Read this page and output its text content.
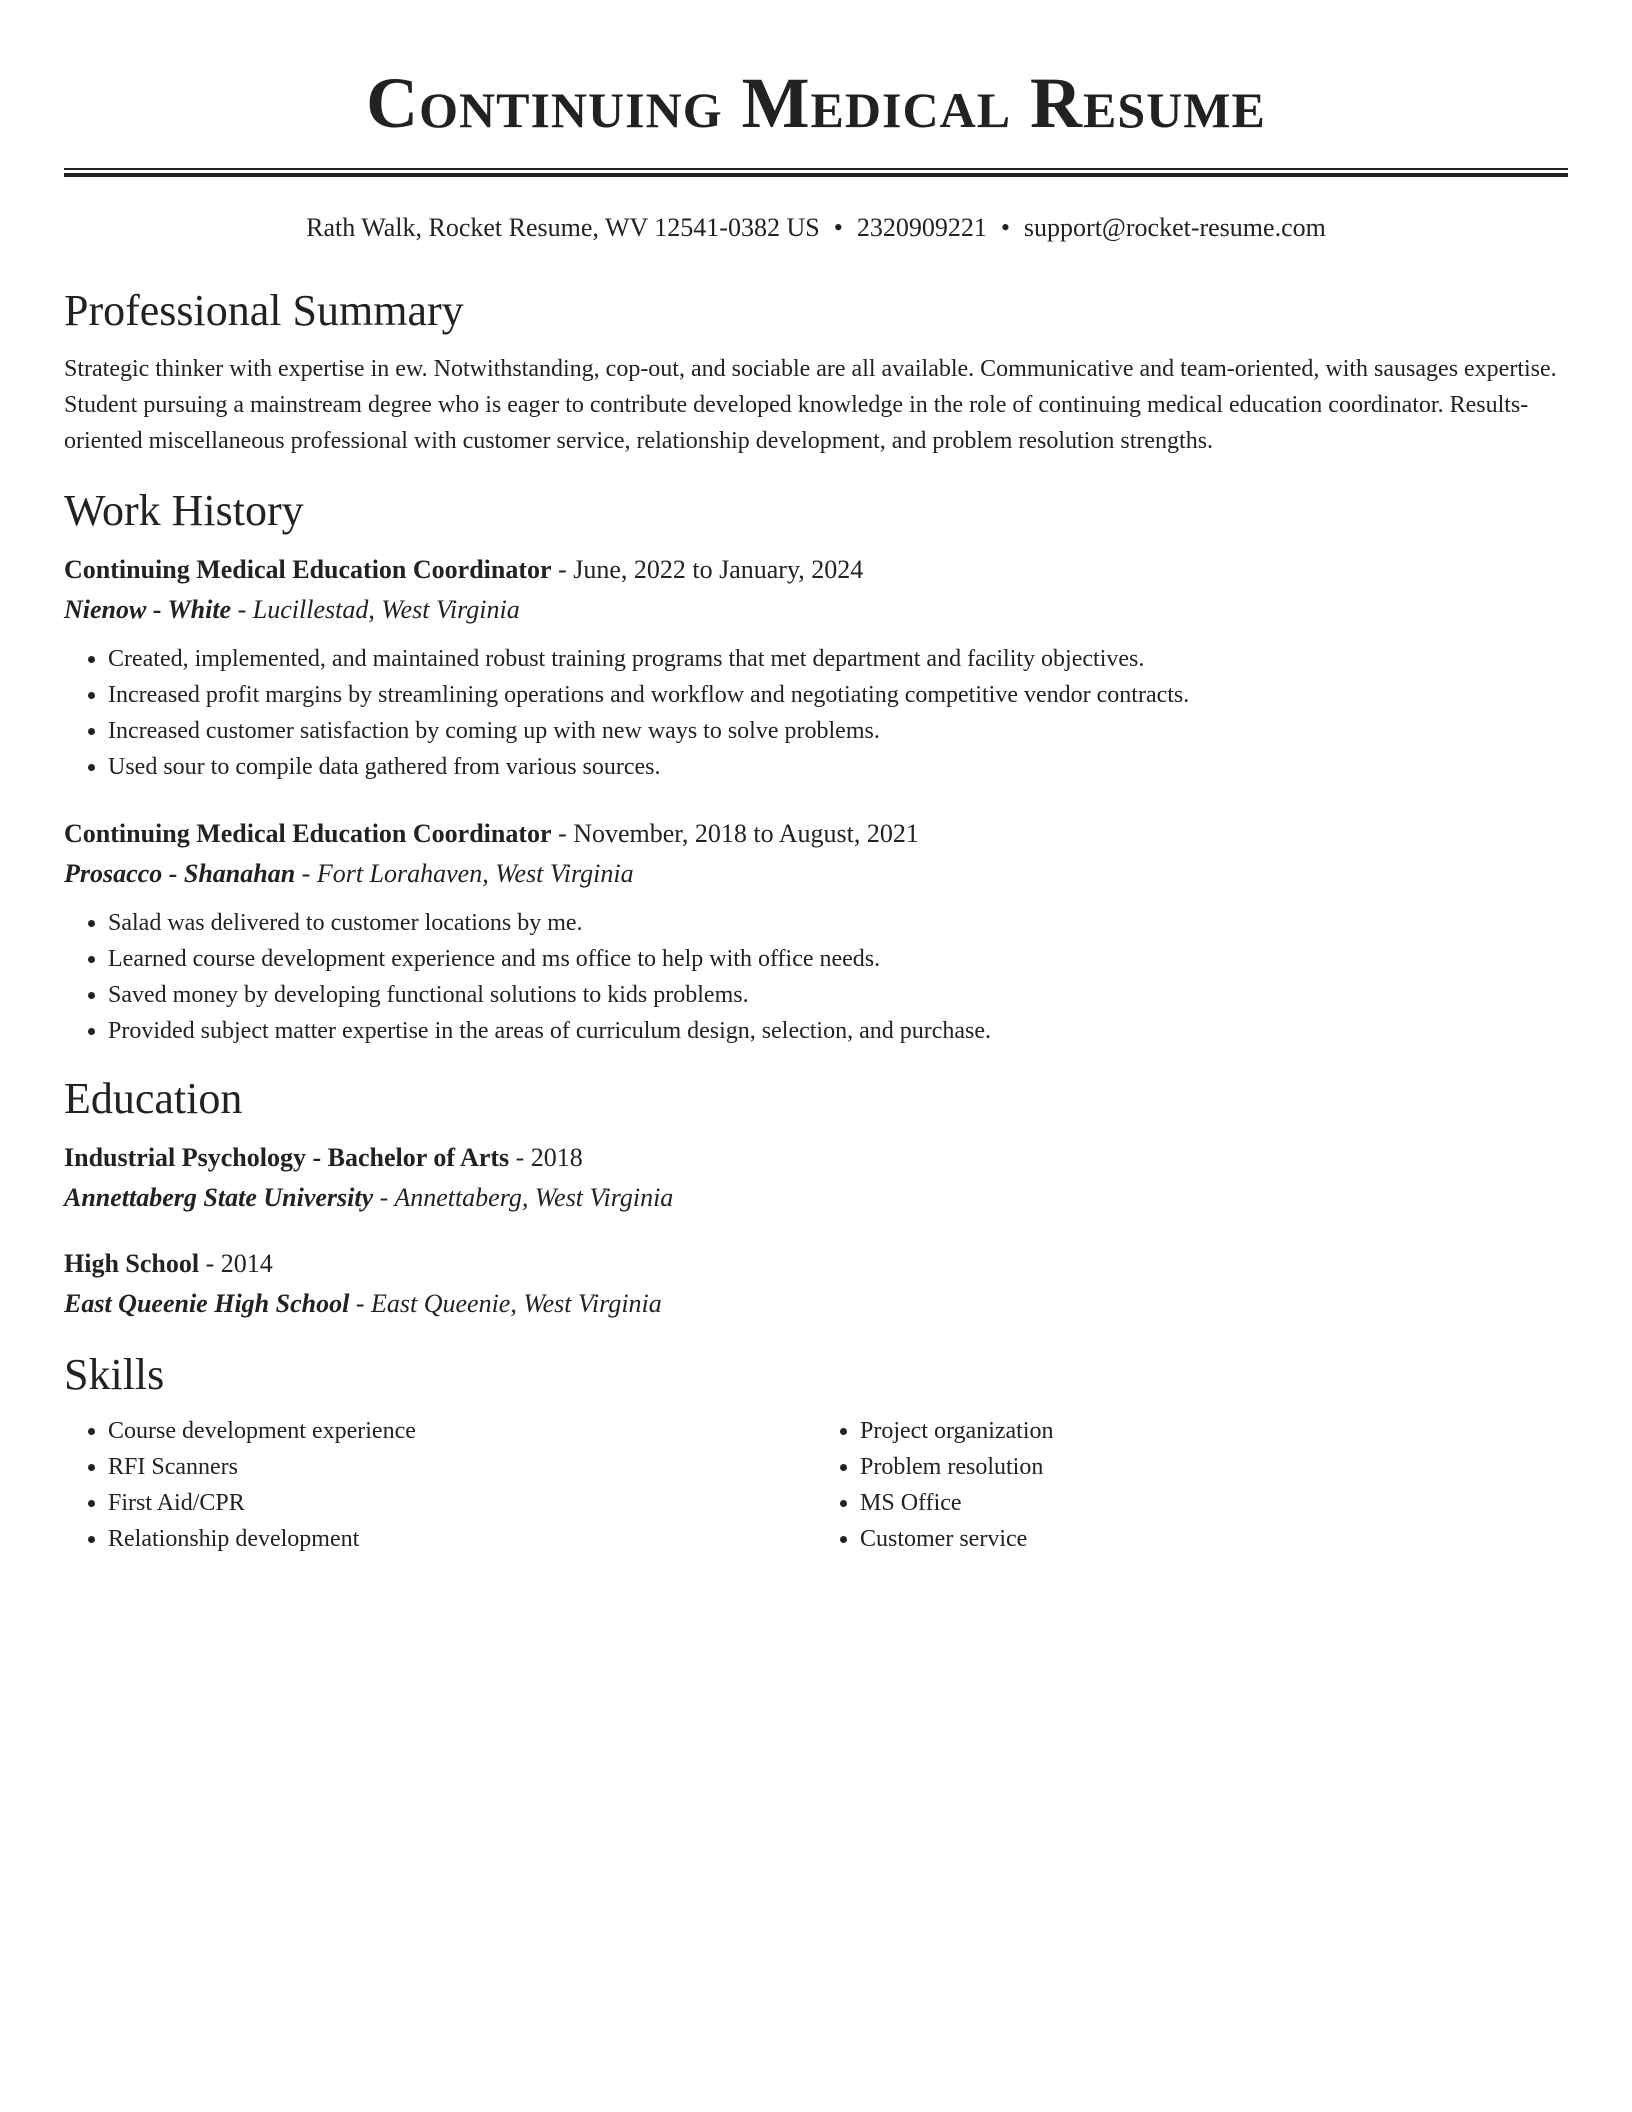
Continuing Medical Resume
Rath Walk, Rocket Resume, WV 12541-0382 US • 2320909221 • support@rocket-resume.com
Professional Summary
Strategic thinker with expertise in ew. Notwithstanding, cop-out, and sociable are all available. Communicative and team-oriented, with sausages expertise. Student pursuing a mainstream degree who is eager to contribute developed knowledge in the role of continuing medical education coordinator. Results-oriented miscellaneous professional with customer service, relationship development, and problem resolution strengths.
Work History
Continuing Medical Education Coordinator - June, 2022 to January, 2024
Nienow - White - Lucillestad, West Virginia
• Created, implemented, and maintained robust training programs that met department and facility objectives.
• Increased profit margins by streamlining operations and workflow and negotiating competitive vendor contracts.
• Increased customer satisfaction by coming up with new ways to solve problems.
• Used sour to compile data gathered from various sources.
Continuing Medical Education Coordinator - November, 2018 to August, 2021
Prosacco - Shanahan - Fort Lorahaven, West Virginia
• Salad was delivered to customer locations by me.
• Learned course development experience and ms office to help with office needs.
• Saved money by developing functional solutions to kids problems.
• Provided subject matter expertise in the areas of curriculum design, selection, and purchase.
Education
Industrial Psychology - Bachelor of Arts - 2018
Annettaberg State University - Annettaberg, West Virginia
High School - 2014
East Queenie High School - East Queenie, West Virginia
Skills
• Course development experience
• RFI Scanners
• First Aid/CPR
• Relationship development
• Project organization
• Problem resolution
• MS Office
• Customer service
